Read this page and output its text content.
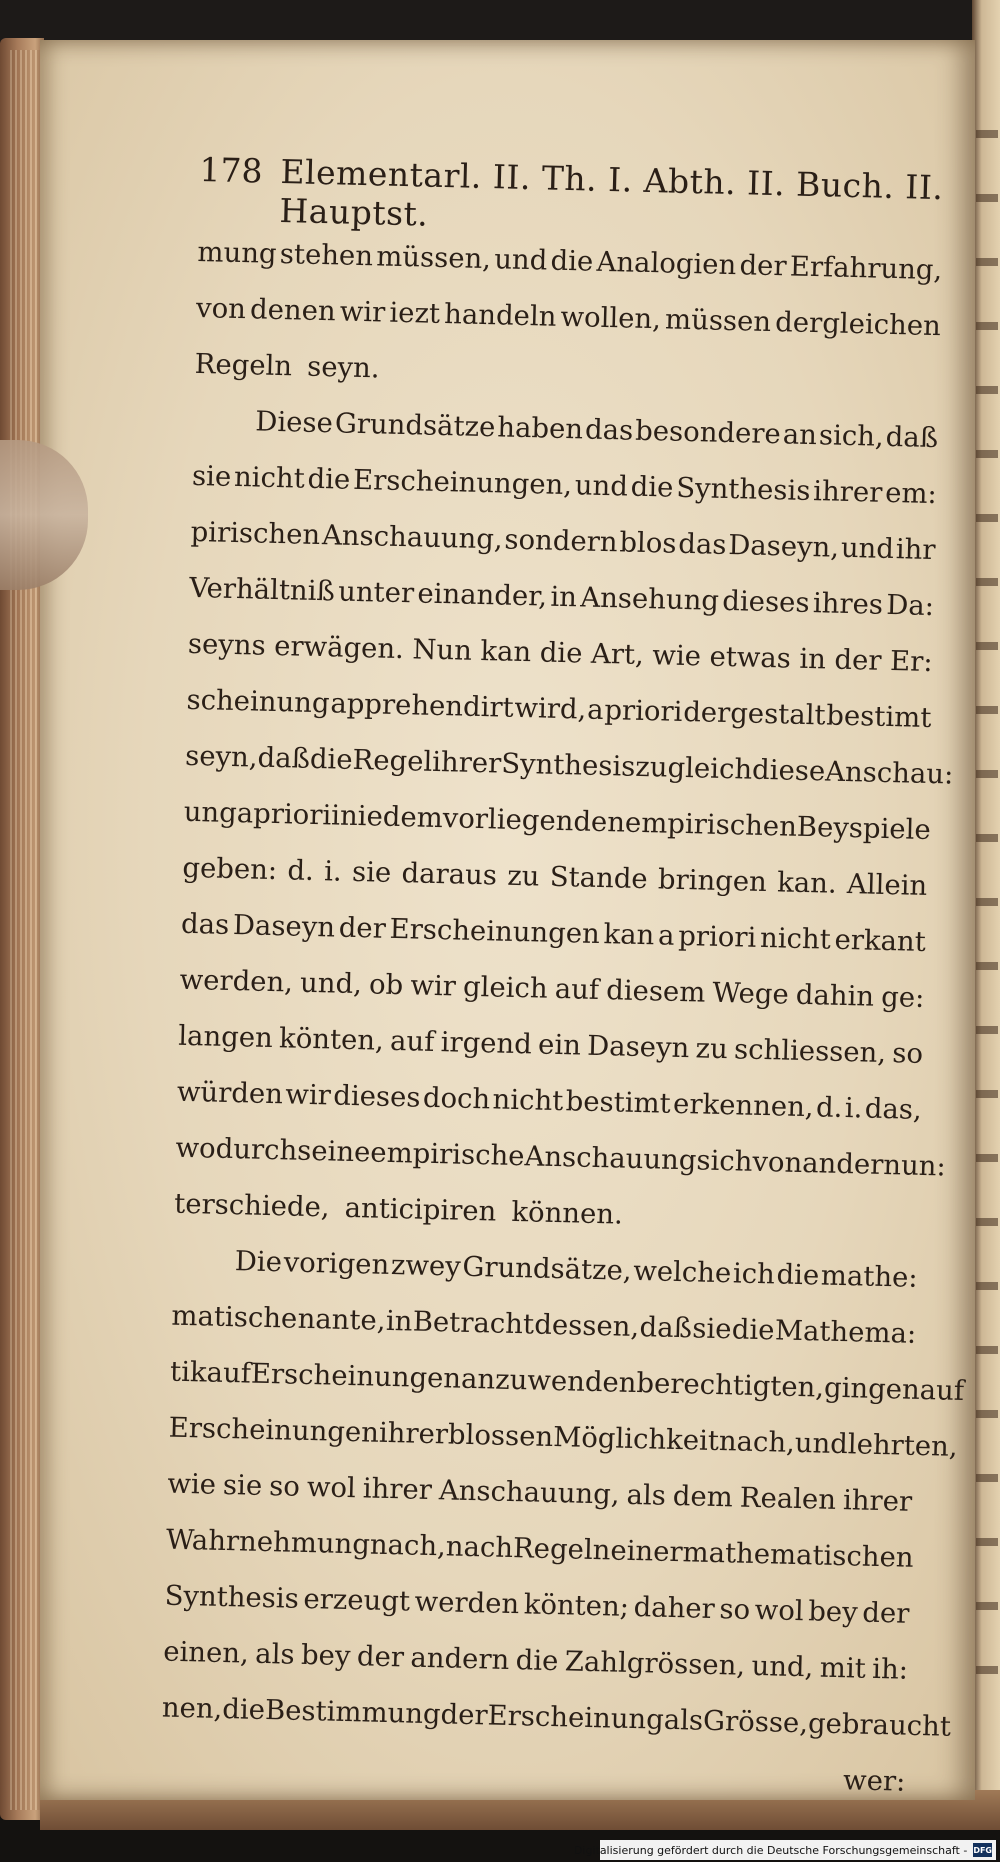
178 Elementarl. II. Th. I. Abth. II. Buch. II. Hauptst.
mung stehen müssen, und die Analogien der Erfahrung,
von denen wir iezt handeln wollen, müssen dergleichen
Regeln seyn.
Diese Grundsätze haben das besondere an sich, daß
sie nicht die Erscheinungen, und die Synthesis ihrer em:
pirischen Anschauung, sondern blos das Daseyn, und ihr
Verhältniß unter einander, in Ansehung dieses ihres Da:
seyns erwägen. Nun kan die Art, wie etwas in der Er:
scheinung apprehendirt wird, a priori dergestalt bestimt
seyn, daß die Regel ihrer Synthesis zugleich diese Anschau:
ung a priori in iedem vorliegenden empirischen Beyspiele
geben: d. i. sie daraus zu Stande bringen kan. Allein
das Daseyn der Erscheinungen kan a priori nicht erkant
werden, und, ob wir gleich auf diesem Wege dahin ge:
langen könten, auf irgend ein Daseyn zu schliessen, so
würden wir dieses doch nicht bestimt erkennen, d. i. das,
wodurch seine empirische Anschauung sich von andern un:
terschiede, anticipiren können.
Die vorigen zwey Grundsätze, welche ich die mathe:
matische nante, in Betracht dessen, daß sie die Mathema:
tik auf Erscheinungen anzuwenden berechtigten, gingen auf
Erscheinungen ihrer blossen Möglichkeit nach, und lehrten,
wie sie so wol ihrer Anschauung, als dem Realen ihrer
Wahrnehmung nach, nach Regeln einer mathematischen
Synthesis erzeugt werden könten; daher so wol bey der
einen, als bey der andern die Zahlgrössen, und, mit ih:
nen, die Bestimmung der Erscheinung als Grösse, gebraucht
wer:
Digitalisierung gefördert durch die Deutsche Forschungsgemeinschaft - DFG
